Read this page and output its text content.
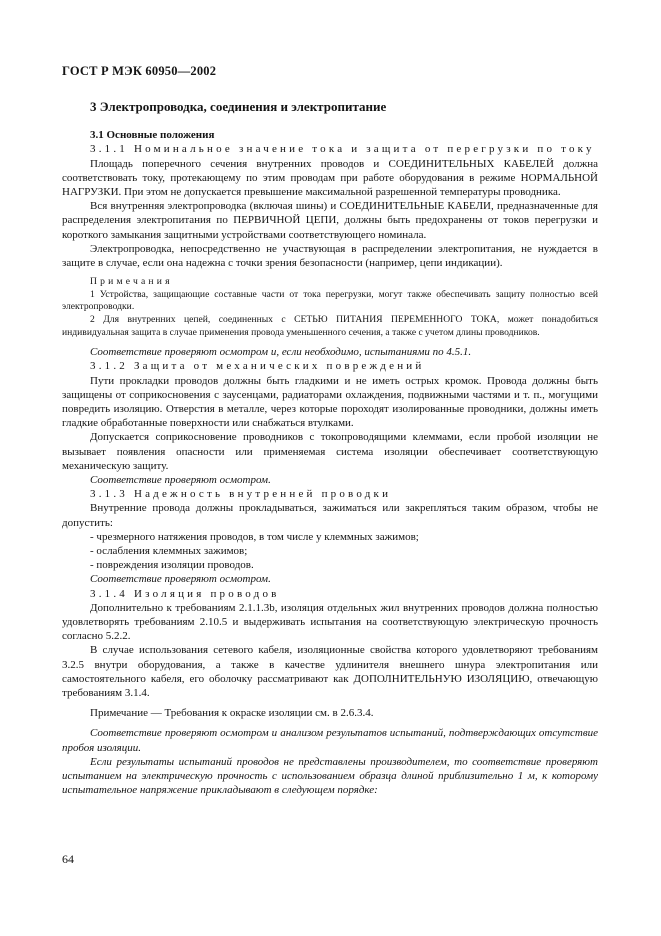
ГОСТ Р МЭК 60950—2002
3 Электропроводка, соединения и электропитание
3.1 Основные положения

3.1.1 Номинальное значение тока и защита от перегрузки по току

Площадь поперечного сечения внутренних проводов и СОЕДИНИТЕЛЬНЫХ КАБЕЛЕЙ должна соответствовать току, протекающему по этим проводам при работе оборудования в режиме НОРМАЛЬНОЙ НАГРУЗКИ. При этом не допускается превышение максимальной разрешенной температуры проводника.

Вся внутренняя электропроводка (включая шины) и СОЕДИНИТЕЛЬНЫЕ КАБЕЛИ, предназначенные для распределения электропитания по ПЕРВИЧНОЙ ЦЕПИ, должны быть предохранены от токов перегрузки и короткого замыкания защитными устройствами соответствующего номинала.

Электропроводка, непосредственно не участвующая в распределении электропитания, не нуждается в защите в случае, если она надежна с точки зрения безопасности (например, цепи индикации).

Примечания

1 Устройства, защищающие составные части от тока перегрузки, могут также обеспечивать защиту полностью всей электропроводки.

2 Для внутренних цепей, соединенных с СЕТЬЮ ПИТАНИЯ ПЕРЕМЕННОГО ТОКА, может понадобиться индивидуальная защита в случае применения провода уменьшенного сечения, а также с учетом длины проводников.

Соответствие проверяют осмотром и, если необходимо, испытаниями по 4.5.1.

3.1.2 Защита от механических повреждений

Пути прокладки проводов должны быть гладкими и не иметь острых кромок. Провода должны быть защищены от соприкосновения с заусенцами, радиаторами охлаждения, подвижными частями и т. п., могущими повредить изоляцию. Отверстия в металле, через которые пороходят изолированные проводники, должны иметь гладкие обработанные поверхности или снабжаться втулками.

Допускается соприкосновение проводников с токопроводящими клеммами, если пробой изоляции не вызывает появления опасности или применяемая система изоляции обеспечивает соответствующую механическую защиту.

Соответствие проверяют осмотром.

3.1.3 Надежность внутренней проводки

Внутренние провода должны прокладываться, зажиматься или закрепляться таким образом, чтобы не допустить:

- чрезмерного натяжения проводов, в том числе у клеммных зажимов;
- ослабления клеммных зажимов;
- повреждения изоляции проводов.

Соответствие проверяют осмотром.

3.1.4 Изоляция проводов

Дополнительно к требованиям 2.1.1.3b, изоляция отдельных жил внутренних проводов должна полностью удовлетворять требованиям 2.10.5 и выдерживать испытания на соответствующую электрическую прочность согласно 5.2.2.

В случае использования сетевого кабеля, изоляционные свойства которого удовлетворяют требованиям 3.2.5 внутри оборудования, а также в качестве удлинителя внешнего шнура электропитания или самостоятельного кабеля, его оболочку рассматривают как ДОПОЛНИТЕЛЬНУЮ ИЗОЛЯЦИЮ, отвечающую требованиям 3.1.4.

Примечание — Требования к окраске изоляции см. в 2.6.3.4.

Соответствие проверяют осмотром и анализом результатов испытаний, подтверждающих отсутствие пробоя изоляции.

Если результаты испытаний проводов не представлены производителем, то соответствие проверяют испытанием на электрическую прочность с использованием образца длиной приблизительно 1 м, к которому испытательное напряжение прикладывают в следующем порядке:

64
